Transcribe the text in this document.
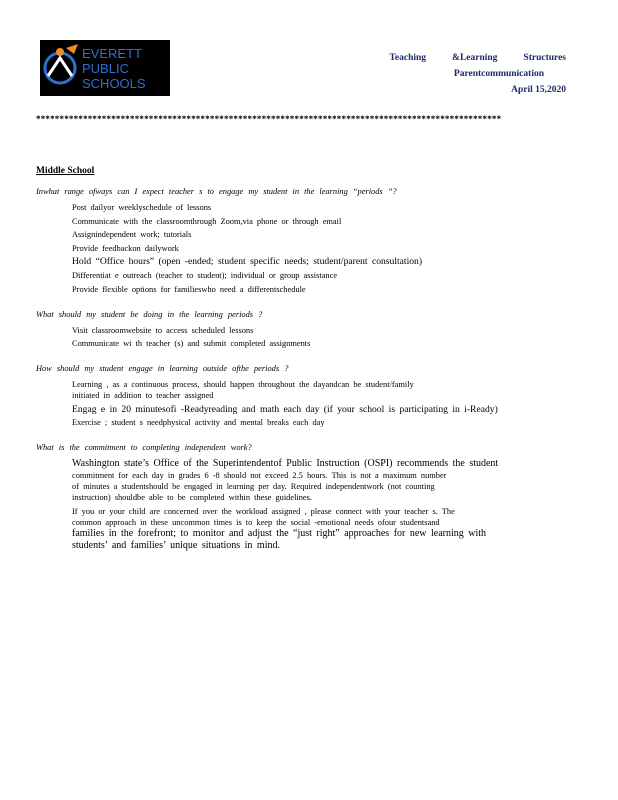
EVERETT
PUBLIC
SCHOOLS
Teaching	&Learning	Structures
Parentcommunication
April 15,2020
***************************************************************************************************
Middle School

Inwhat range ofways can I expect teacher s to engage my student in the learning “periods ”?

Post dailyor weeklyschedule of lessons
Communicate with the classroomthrough Zoom,via phone or through email
Assignindependent work; tutorials
Provide feedbackon dailywork
Hold “Office hours” (open -ended; student specific needs; student/parent consultation)
Differentiat e outreach (teacher to student); individual or group assistance
Provide flexible options for familieswho need a differentschedule

What should my student be doing in the learning periods ?

Visit classroomwebsite to access scheduled lessons
Communicate wi th teacher (s) and submit completed assignments

How should my student engage in learning outside ofthe periods ?

Learning , as a continuous process, should happen throughout the dayandcan be student/family
initiated in addition to teacher assigned
Engag e in 20 minutesofi -Readyreading and math each day (if your school is participating in i-Ready)
Exercise ; student s needphysical activity and mental breaks each day

What is the commitment to completing independent work?

Washington state’s Office of the Superintendentof Public Instruction (OSPI) recommends the student
commitment for each day in grades 6 -8 should not exceed 2.5 hours. This is not a maximum number
of minutes a studentshould be engaged in learning per day. Required independentwork (not counting
instruction) shouldbe able to be completed within these guidelines.
If you or your child are concerned over the workload assigned , please connect with your teacher s. The
common approach in these uncommon times is to keep the social -emotional needs ofour studentsand
families in the forefront; to monitor and adjust the “just right” approaches for new learning with
students’ and families’ unique situations in mind.
